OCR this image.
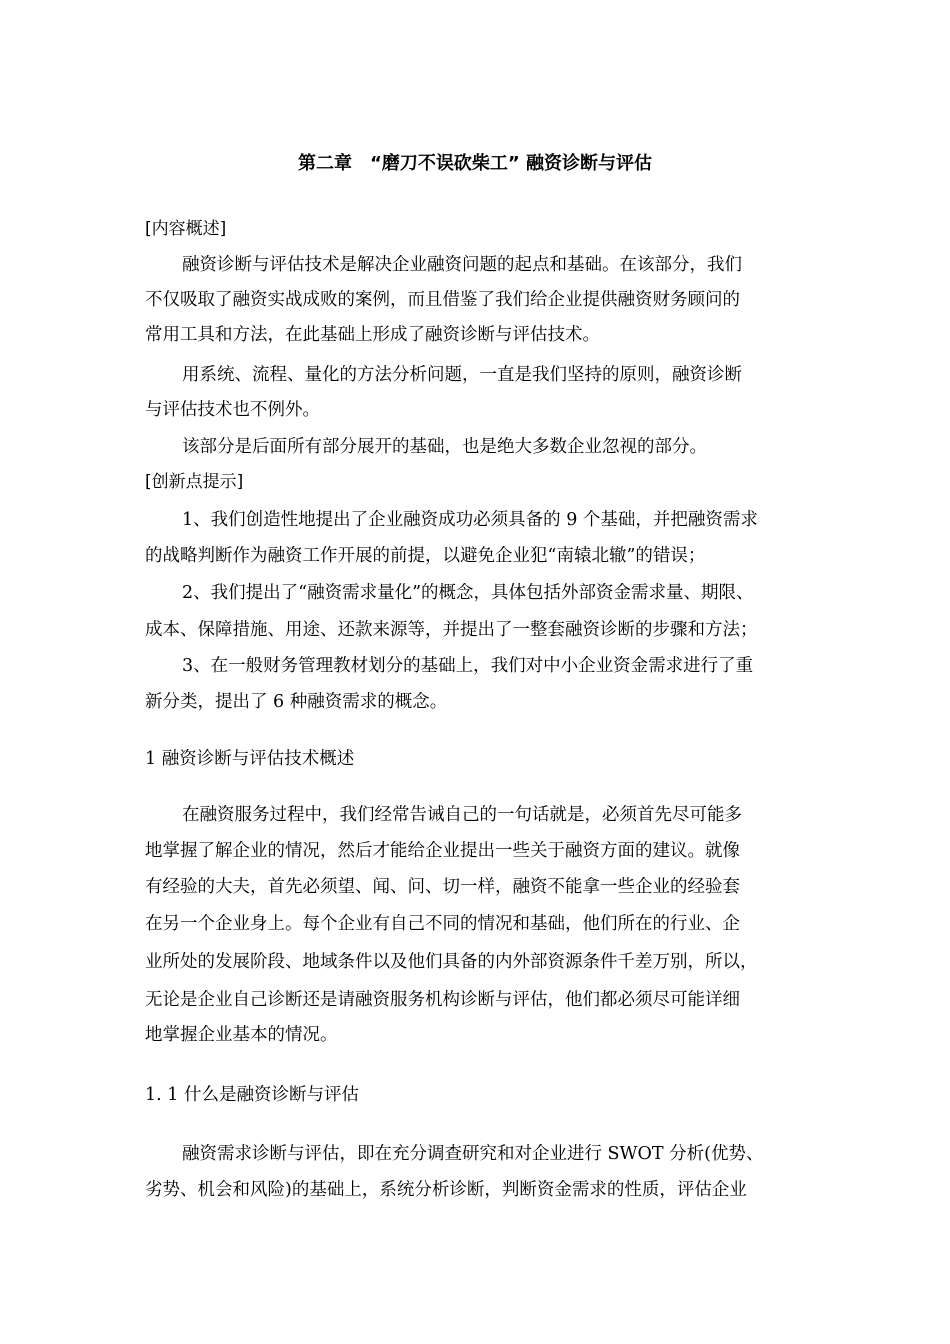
第二章　“磨刀不误砍柴工” 融资诊断与评估
[内容概述]
融资诊断与评估技术是解决企业融资问题的起点和基础。在该部分，我们
不仅吸取了融资实战成败的案例，而且借鉴了我们给企业提供融资财务顾问的
常用工具和方法，在此基础上形成了融资诊断与评估技术。
用系统、流程、量化的方法分析问题，一直是我们坚持的原则，融资诊断
与评估技术也不例外。
该部分是后面所有部分展开的基础，也是绝大多数企业忽视的部分。
[创新点提示]
1、我们创造性地提出了企业融资成功必须具备的 9 个基础，并把融资需求
的战略判断作为融资工作开展的前提，以避免企业犯“南辕北辙”的错误；
2、我们提出了“融资需求量化”的概念，具体包括外部资金需求量、期限、
成本、保障措施、用途、还款来源等，并提出了一整套融资诊断的步骤和方法；
3、在一般财务管理教材划分的基础上，我们对中小企业资金需求进行了重
新分类，提出了 6 种融资需求的概念。
1 融资诊断与评估技术概述
在融资服务过程中，我们经常告诫自己的一句话就是，必须首先尽可能多
地掌握了解企业的情况，然后才能给企业提出一些关于融资方面的建议。就像
有经验的大夫，首先必须望、闻、问、切一样，融资不能拿一些企业的经验套
在另一个企业身上。每个企业有自己不同的情况和基础，他们所在的行业、企
业所处的发展阶段、地域条件以及他们具备的内外部资源条件千差万别，所以，
无论是企业自己诊断还是请融资服务机构诊断与评估，他们都必须尽可能详细
地掌握企业基本的情况。
1. 1 什么是融资诊断与评估
融资需求诊断与评估，即在充分调查研究和对企业进行 SWOT 分析(优势、
劣势、机会和风险)的基础上，系统分析诊断，判断资金需求的性质，评估企业
